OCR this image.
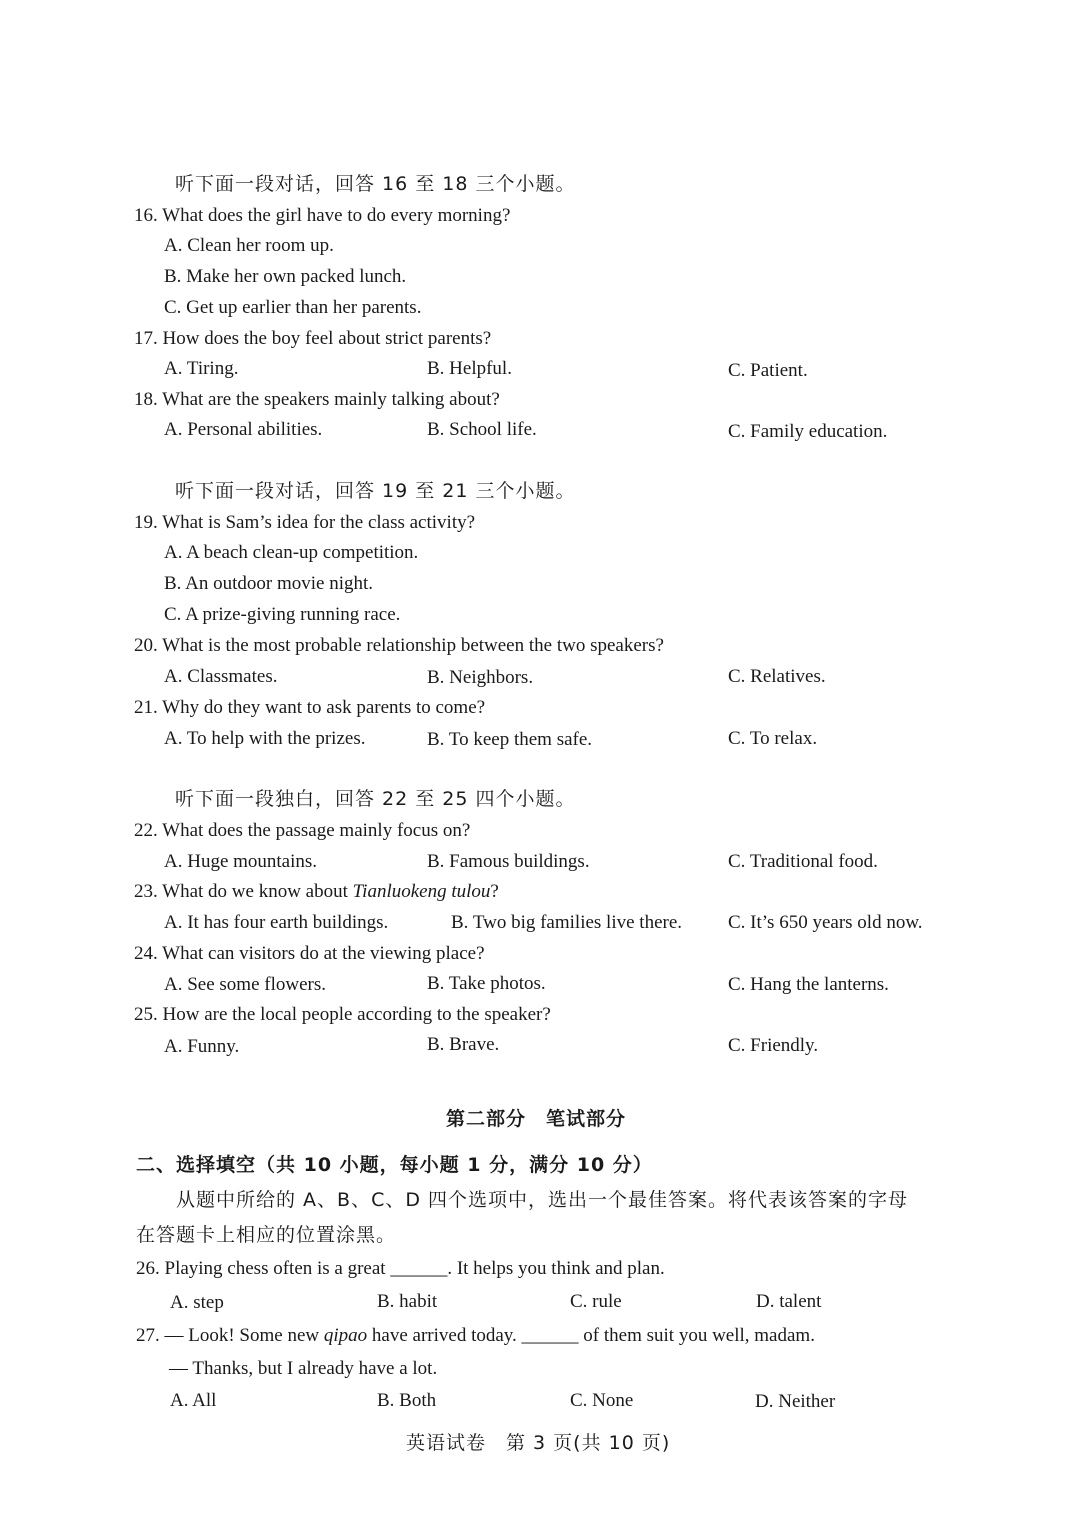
听下面一段对话，回答 16 至 18 三个小题。
16. What does the girl have to do every morning?
A. Clean her room up.
B. Make her own packed lunch.
C. Get up earlier than her parents.
17. How does the boy feel about strict parents?
A. Tiring.	B. Helpful.	C. Patient.
18. What are the speakers mainly talking about?
A. Personal abilities.	B. School life.	C. Family education.
听下面一段对话，回答 19 至 21 三个小题。
19. What is Sam’s idea for the class activity?
A. A beach clean-up competition.
B. An outdoor movie night.
C. A prize-giving running race.
20. What is the most probable relationship between the two speakers?
A. Classmates.	B. Neighbors.	C. Relatives.
21. Why do they want to ask parents to come?
A. To help with the prizes.	B. To keep them safe.	C. To relax.
听下面一段独白，回答 22 至 25 四个小题。
22. What does the passage mainly focus on?
A. Huge mountains.	B. Famous buildings.	C. Traditional food.
23. What do we know about Tianluokeng tulou?
A. It has four earth buildings.	B. Two big families live there. C. It’s 650 years old now.
24. What can visitors do at the viewing place?
A. See some flowers.	B. Take photos.	C. Hang the lanterns.
25. How are the local people according to the speaker?
A. Funny.	B. Brave.	C. Friendly.
第二部分　笔试部分
二、选择填空（共 10 小题，每小题 1 分，满分 10 分）
从题中所给的 A、B、C、D 四个选项中，选出一个最佳答案。将代表该答案的字母
在答题卡上相应的位置涂黑。
26. Playing chess often is a great ______. It helps you think and plan.
A. step	B. habit	C. rule	D. talent
27. — Look! Some new qipao have arrived today. ______ of them suit you well, madam.
— Thanks, but I already have a lot.
A. All	B. Both	C. None	D. Neither
英语试卷　第 3 页(共 10 页)
